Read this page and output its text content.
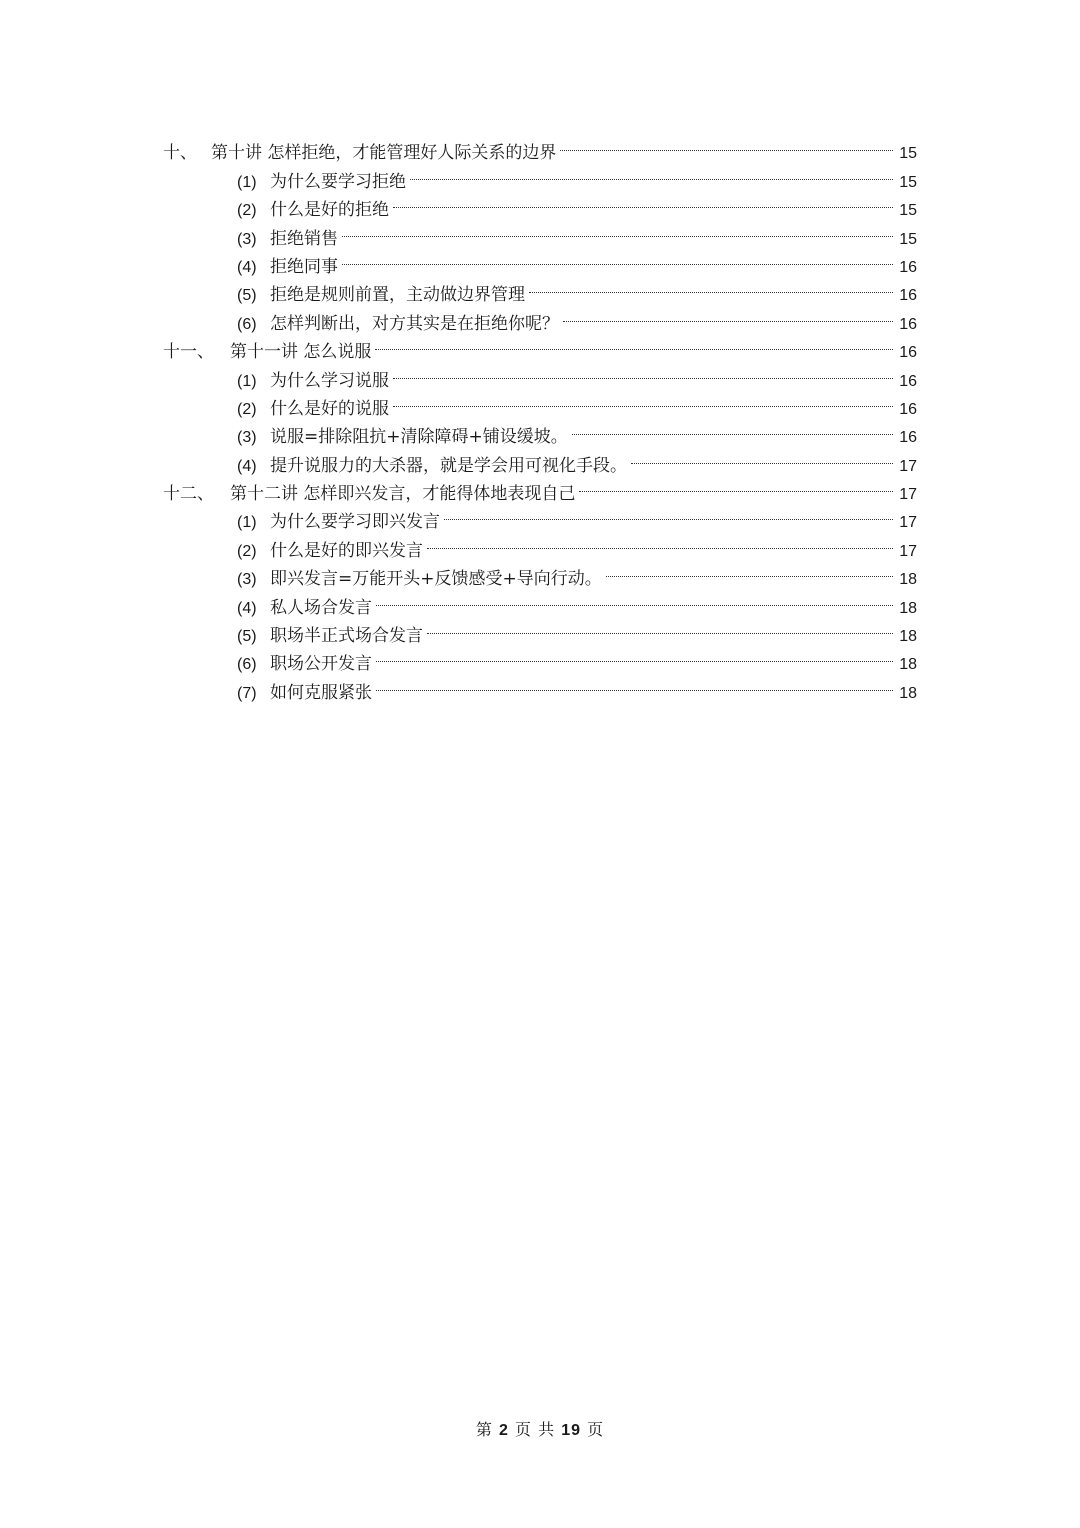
十、 第十讲 怎样拒绝，才能管理好人际关系的边界	15
(1) 为什么要学习拒绝	15
(2) 什么是好的拒绝	15
(3) 拒绝销售	15
(4) 拒绝同事	16
(5) 拒绝是规则前置，主动做边界管理	16
(6) 怎样判断出，对方其实是在拒绝你呢？	16
十一、 第十一讲 怎么说服	16
(1) 为什么学习说服	16
(2) 什么是好的说服	16
(3) 说服=排除阻抗+清除障碍+铺设缓坡。	16
(4) 提升说服力的大杀器，就是学会用可视化手段。	17
十二、 第十二讲 怎样即兴发言，才能得体地表现自己	17
(1) 为什么要学习即兴发言	17
(2) 什么是好的即兴发言	17
(3) 即兴发言=万能开头+反馈感受+导向行动。	18
(4) 私人场合发言	18
(5) 职场半正式场合发言	18
(6) 职场公开发言	18
(7) 如何克服紧张	18
第 2 页 共 19 页
